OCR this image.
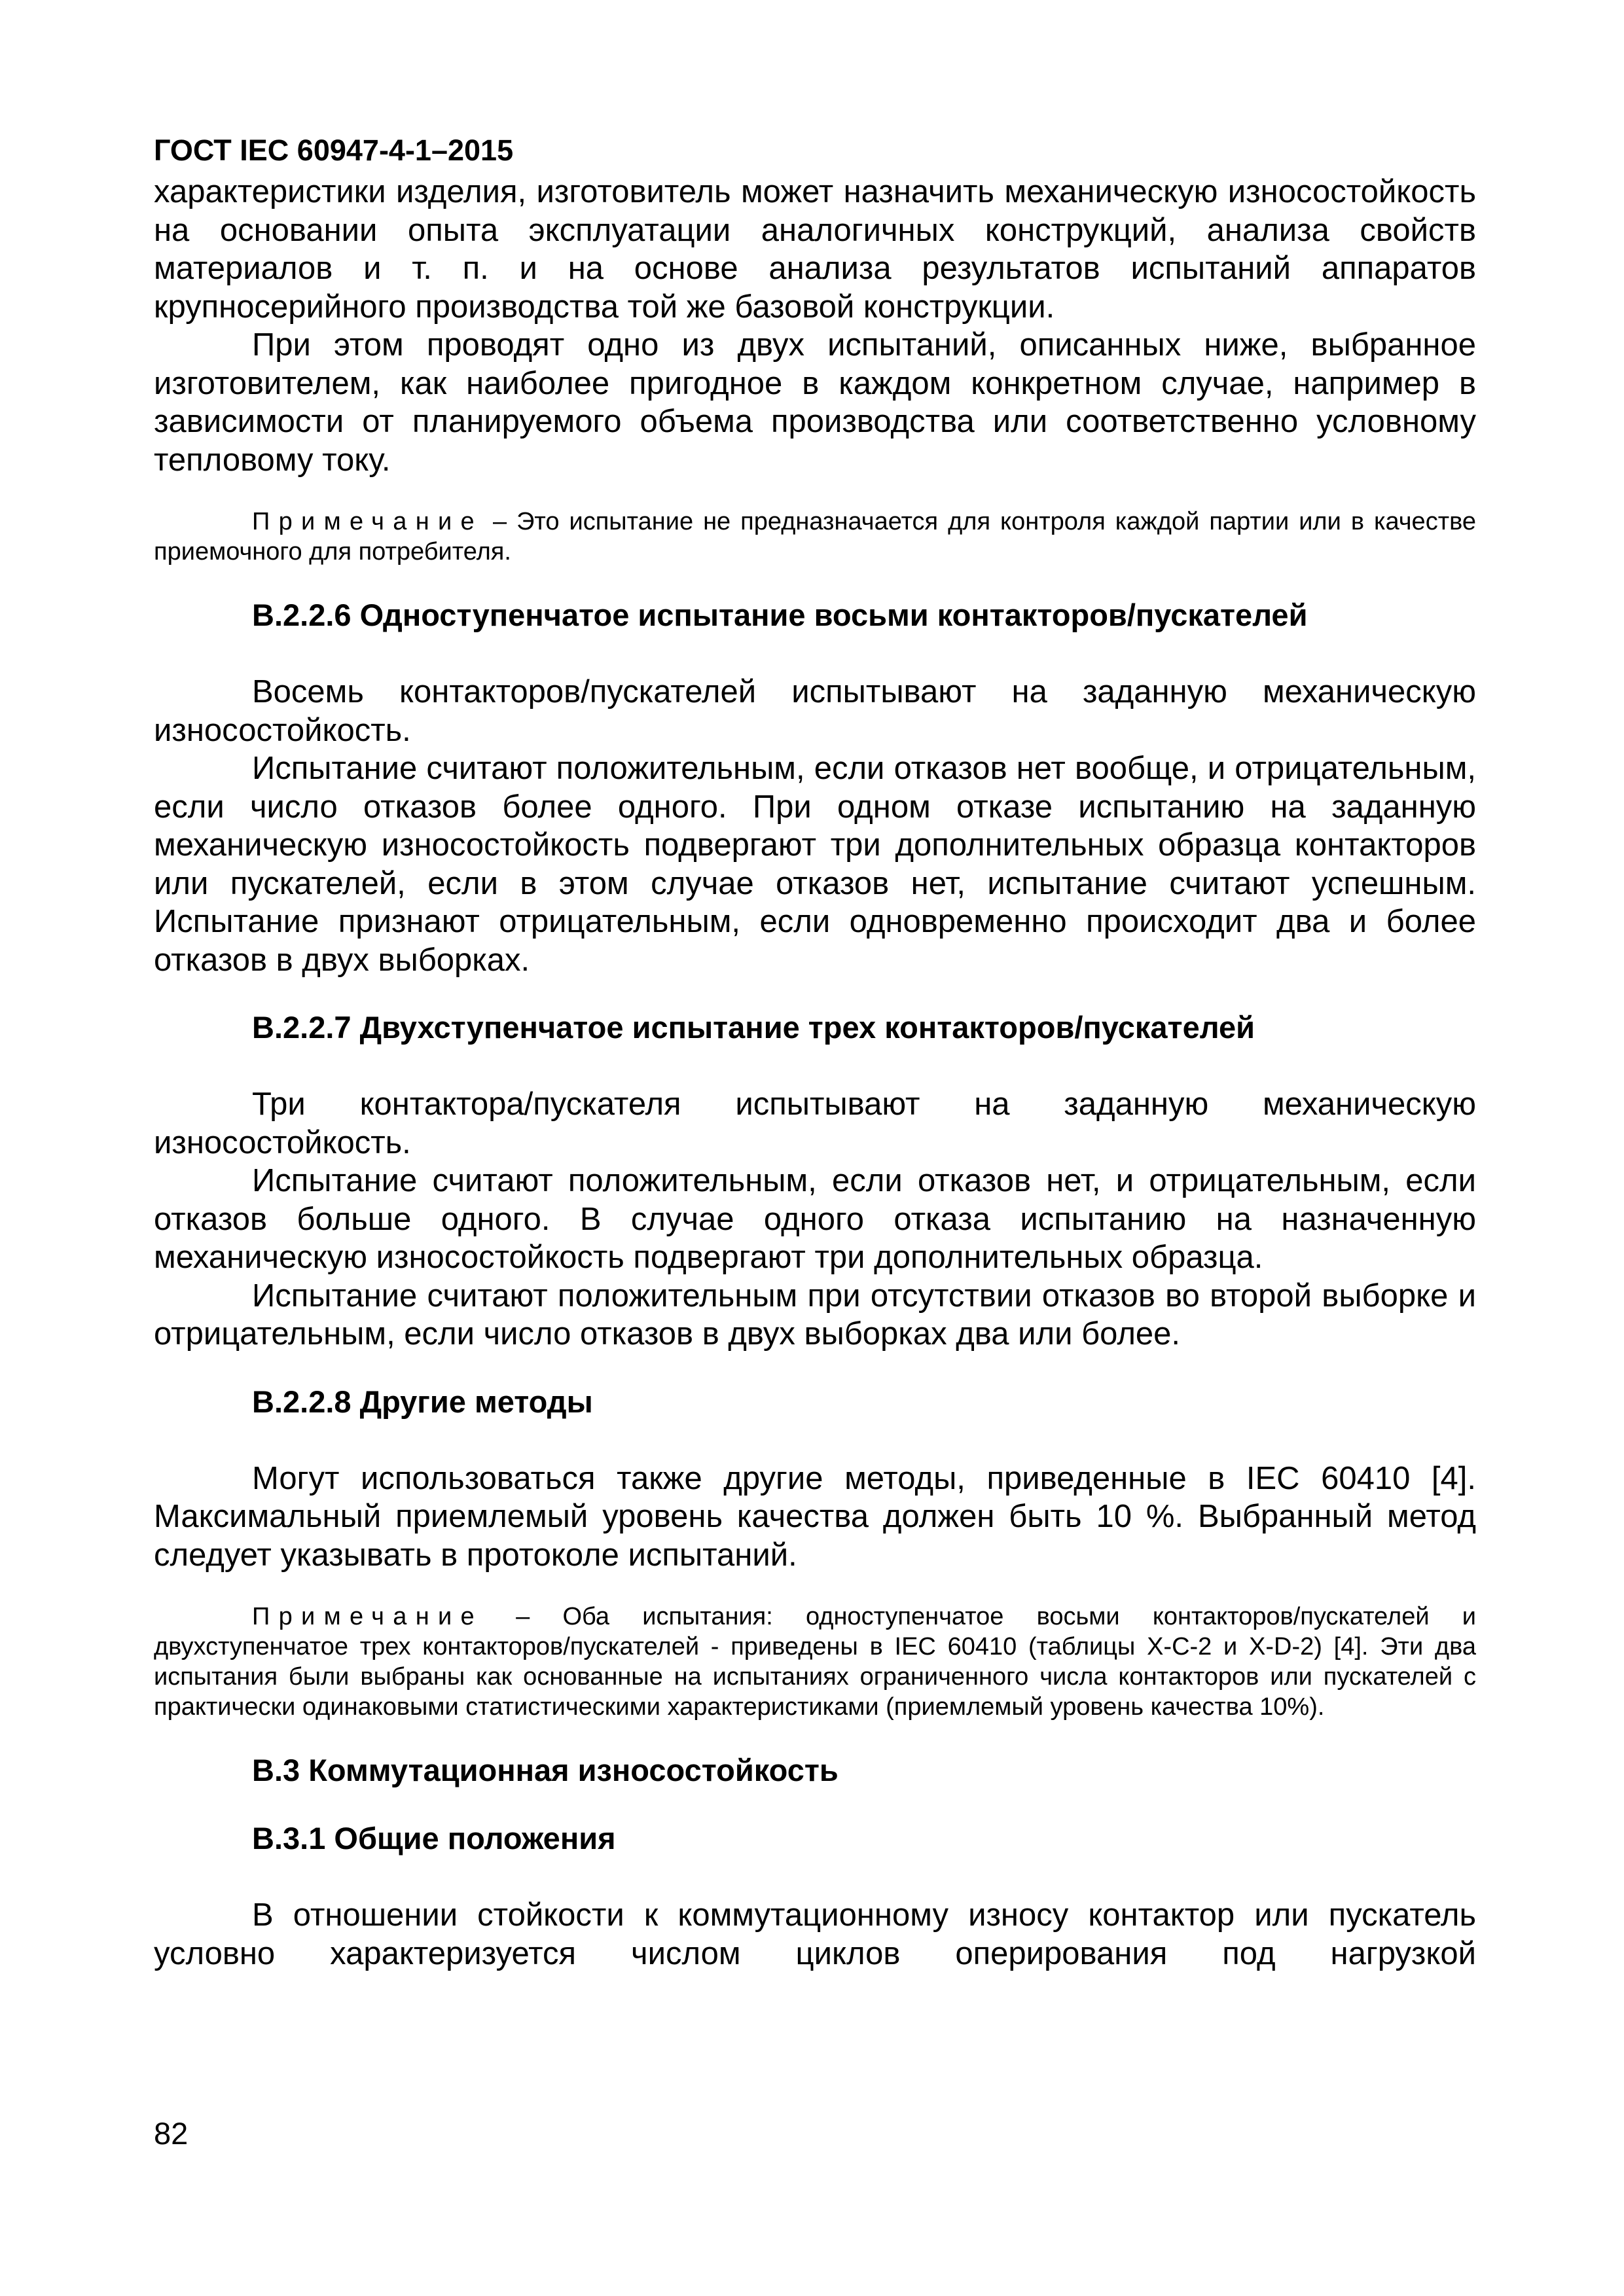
ГОСТ IEC 60947-4-1–2015

характеристики изделия, изготовитель может назначить механическую износостойкость на основании опыта эксплуатации аналогичных конструкций, анализа свойств материалов и т. п. и на основе анализа результатов испытаний аппаратов крупносерийного производства той же базовой конструкции.

При этом проводят одно из двух испытаний, описанных ниже, выбранное изготовителем, как наиболее пригодное в каждом конкретном случае, например в зависимости от планируемого объема производства или соответственно условному тепловому току.

Примечание – Это испытание не предназначается для контроля каждой партии или в качестве приемочного для потребителя.

B.2.2.6 Одноступенчатое испытание восьми контакторов/пускателей

Восемь контакторов/пускателей испытывают на заданную механическую износостойкость.

Испытание считают положительным, если отказов нет вообще, и отрицательным, если число отказов более одного. При одном отказе испытанию на заданную механическую износостойкость подвергают три дополнительных образца контакторов или пускателей, если в этом случае отказов нет, испытание считают успешным. Испытание признают отрицательным, если одновременно происходит два и более отказов в двух выборках.

B.2.2.7 Двухступенчатое испытание трех контакторов/пускателей

Три контактора/пускателя испытывают на заданную механическую износостойкость.

Испытание считают положительным, если отказов нет, и отрицательным, если отказов больше одного. В случае одного отказа испытанию на назначенную механическую износостойкость подвергают три дополнительных образца.

Испытание считают положительным при отсутствии отказов во второй выборке и отрицательным, если число отказов в двух выборках два или более.

B.2.2.8 Другие методы

Могут использоваться также другие методы, приведенные в IEC 60410 [4]. Максимальный приемлемый уровень качества должен быть 10 %. Выбранный метод следует указывать в протоколе испытаний.

Примечание – Оба испытания: одноступенчатое восьми контакторов/пускателей и двухступенчатое трех контакторов/пускателей - приведены в IEC 60410 (таблицы X-C-2 и X-D-2) [4]. Эти два испытания были выбраны как основанные на испытаниях ограниченного числа контакторов или пускателей с практически одинаковыми статистическими характеристиками (приемлемый уровень качества 10%).

B.3 Коммутационная износостойкость
B.3.1 Общие положения

В отношении стойкости к коммутационному износу контактор или пускатель условно характеризуется числом циклов оперирования под нагрузкой

82
